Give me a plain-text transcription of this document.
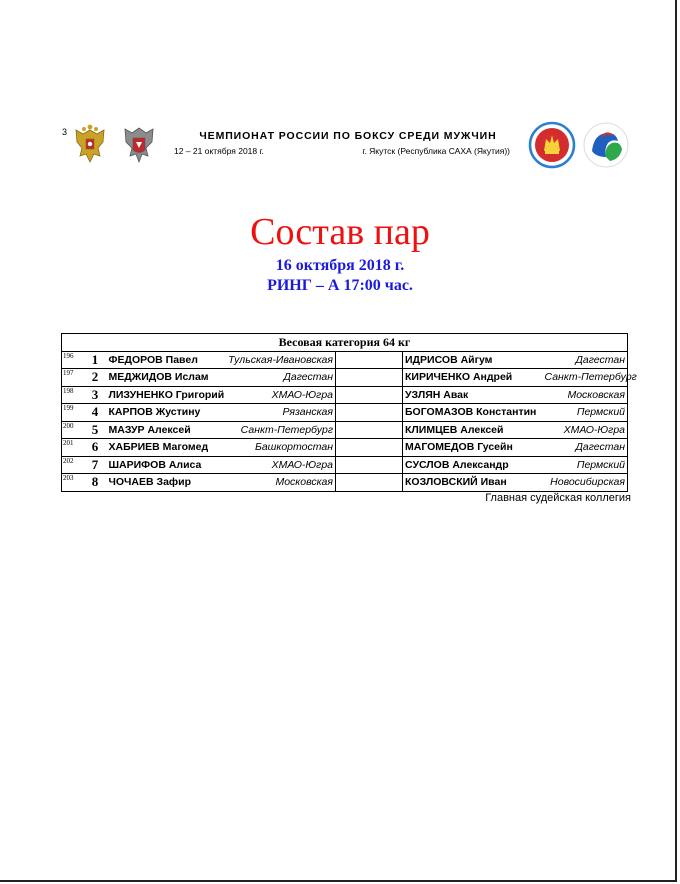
3	ЧЕМПИОНАТ РОССИИ ПО БОКСУ СРЕДИ МУЖЧИН
12 – 21 октября 2018 г.	г. Якутск (Республика САХА (Якутия))
Состав пар
16 октября 2018 г.
РИНГ – А 17:00 час.
Весовая категория 64 кг						
196	1	ФЕДОРОВ Павел	Тульская-Ивановская		ИДРИСОВ Айгум	Дагестан
197	2	МЕДЖИДОВ Ислам	Дагестан		КИРИЧЕНКО Андрей	Санкт-Петербург
198	3	ЛИЗУНЕНКО Григорий	ХМАО-Югра		УЗЛЯН Авак	Московская
199	4	КАРПОВ Жустину	Рязанская		БОГОМАЗОВ Константин	Пермский
200	5	МАЗУР Алексей	Санкт-Петербург		КЛИМЦЕВ Алексей	ХМАО-Югра
201	6	ХАБРИЕВ Магомед	Башкортостан		МАГОМЕДОВ Гусейн	Дагестан
202	7	ШАРИФОВ Алиса	ХМАО-Югра		СУСЛОВ Александр	Пермский
203	8	ЧОЧАЕВ Зафир	Московская		КОЗЛОВСКИЙ Иван	Новосибирская
Главная судейская коллегия
